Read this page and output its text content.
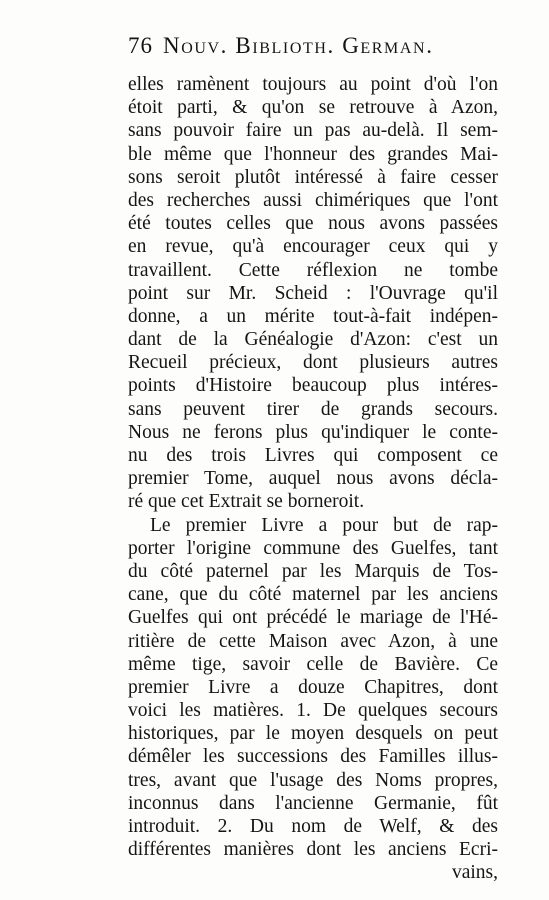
76 Nouv. Biblioth. German.
elles ramènent toujours au point d'où l'on
étoit parti, & qu'on se retrouve à Azon,
sans pouvoir faire un pas au-delà. Il sem-
ble même que l'honneur des grandes Mai-
sons seroit plutôt intéressé à faire cesser
des recherches aussi chimériques que l'ont
été toutes celles que nous avons passées
en revue, qu'à encourager ceux qui y
travaillent. Cette réflexion ne tombe
point sur Mr. Scheid : l'Ouvrage qu'il
donne, a un mérite tout-à-fait indépen-
dant de la Généalogie d'Azon: c'est un
Recueil précieux, dont plusieurs autres
points d'Histoire beaucoup plus intéres-
sans peuvent tirer de grands secours.
Nous ne ferons plus qu'indiquer le conte-
nu des trois Livres qui composent ce
premier Tome, auquel nous avons décla-
ré que cet Extrait se borneroit.
Le premier Livre a pour but de rap-
porter l'origine commune des Guelfes, tant
du côté paternel par les Marquis de Tos-
cane, que du côté maternel par les anciens
Guelfes qui ont précédé le mariage de l'Hé-
ritière de cette Maison avec Azon, à une
même tige, savoir celle de Bavière. Ce
premier Livre a douze Chapitres, dont
voici les matières. 1. De quelques secours
historiques, par le moyen desquels on peut
démêler les successions des Familles illus-
tres, avant que l'usage des Noms propres,
inconnus dans l'ancienne Germanie, fût
introduit. 2. Du nom de Welf, & des
différentes manières dont les anciens Ecri-
vains,
